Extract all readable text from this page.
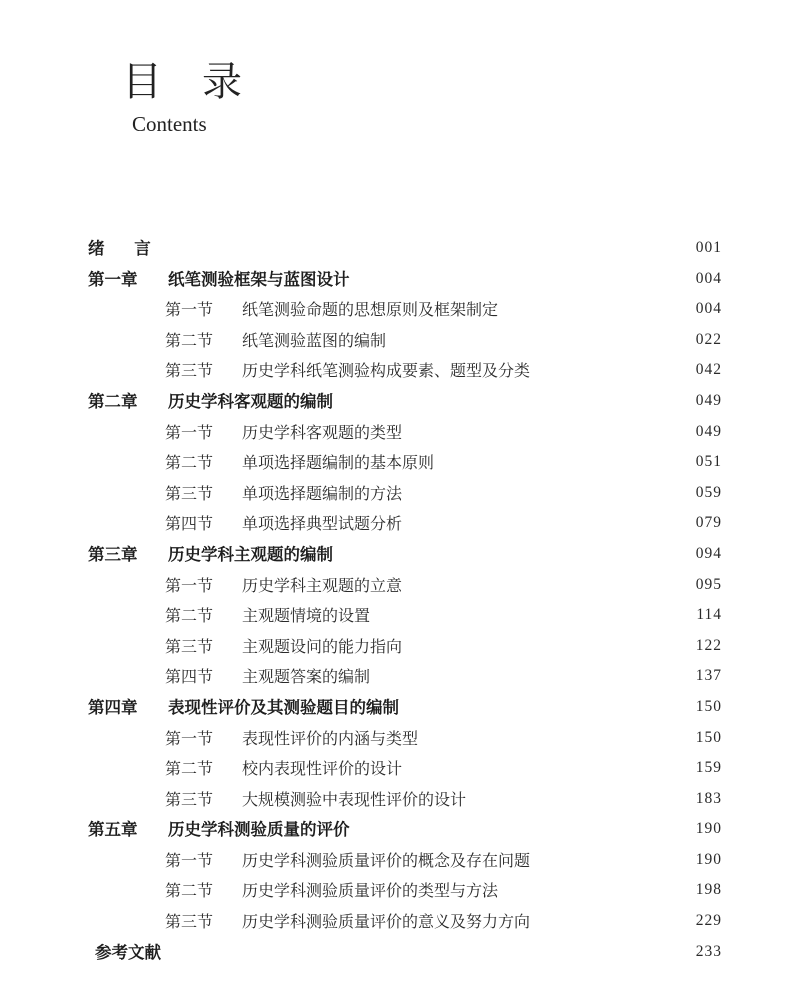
目录
Contents
绪 言	001
第一章 纸笔测验框架与蓝图设计	004
第一节 纸笔测验命题的思想原则及框架制定	004
第二节 纸笔测验蓝图的编制	022
第三节 历史学科纸笔测验构成要素、题型及分类	042
第二章 历史学科客观题的编制	049
第一节 历史学科客观题的类型	049
第二节 单项选择题编制的基本原则	051
第三节 单项选择题编制的方法	059
第四节 单项选择典型试题分析	079
第三章 历史学科主观题的编制	094
第一节 历史学科主观题的立意	095
第二节 主观题情境的设置	114
第三节 主观题设问的能力指向	122
第四节 主观题答案的编制	137
第四章 表现性评价及其测验题目的编制	150
第一节 表现性评价的内涵与类型	150
第二节 校内表现性评价的设计	159
第三节 大规模测验中表现性评价的设计	183
第五章 历史学科测验质量的评价	190
第一节 历史学科测验质量评价的概念及存在问题	190
第二节 历史学科测验质量评价的类型与方法	198
第三节 历史学科测验质量评价的意义及努力方向	229
参考文献	233
